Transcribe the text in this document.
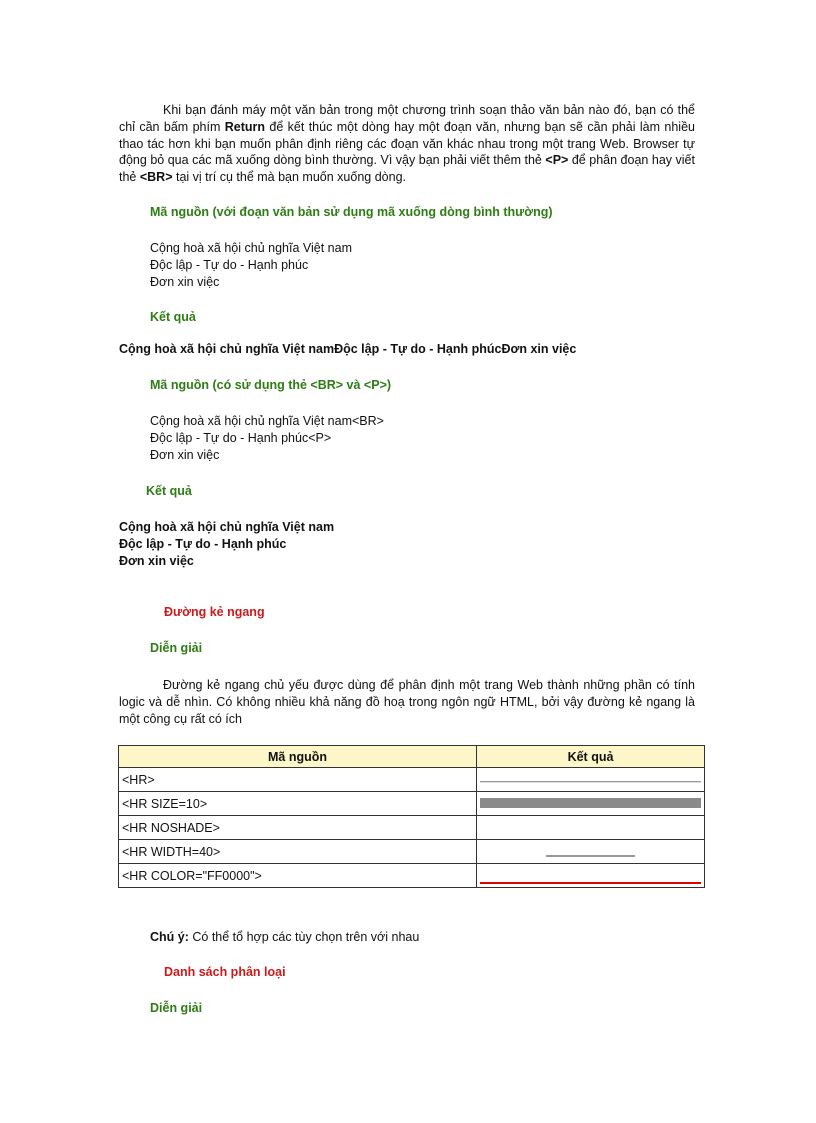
Khi bạn đánh máy một văn bản trong một chương trình soạn thảo văn bản nào đó, bạn có thể chỉ cần bấm phím Return để kết thúc một dòng hay một đoạn văn, nhưng bạn sẽ cần phải làm nhiều thao tác hơn khi bạn muốn phân định riêng các đoạn văn khác nhau trong một trang Web. Browser tự động bỏ qua các mã xuống dòng bình thường. Vì vậy bạn phải viết thêm thẻ <P> để phân đoạn hay viết thẻ <BR> tại vị trí cụ thể mà bạn muốn xuống dòng.
Mã nguồn (với đoạn văn bản sử dụng mã xuống dòng bình thường)
Cộng hoà xã hội chủ nghĩa Việt nam
Độc lập - Tự do - Hạnh phúc
Đơn xin việc
Kết quả
Cộng hoà xã hội chủ nghĩa Việt namĐộc lập - Tự do - Hạnh phúcĐơn xin việc
Mã nguồn (có sử dụng thẻ <BR> và <P>)
Cộng hoà xã hội chủ nghĩa Việt nam<BR>
Độc lập - Tự do - Hạnh phúc<P>
Đơn xin việc
Kết quả
Cộng hoà xã hội chủ nghĩa Việt nam
Độc lập - Tự do - Hạnh phúc
Đơn xin việc
Đường kẻ ngang
Diễn giải
Đường kẻ ngang chủ yếu được dùng để phân định một trang Web thành những phần có tính logic và dễ nhìn. Có không nhiều khả năng đồ hoạ trong ngôn ngữ HTML, bởi vậy đường kẻ ngang là một công cụ rất có ích
Mã nguồn	Kết quả
<HR>	

<HR SIZE=10>	

<HR NOSHADE>	

<HR WIDTH=40>	

<HR COLOR="FF0000">	
Chú ý: Có thể tổ hợp các tùy chọn trên với nhau
Danh sách phân loại
Diễn giải
